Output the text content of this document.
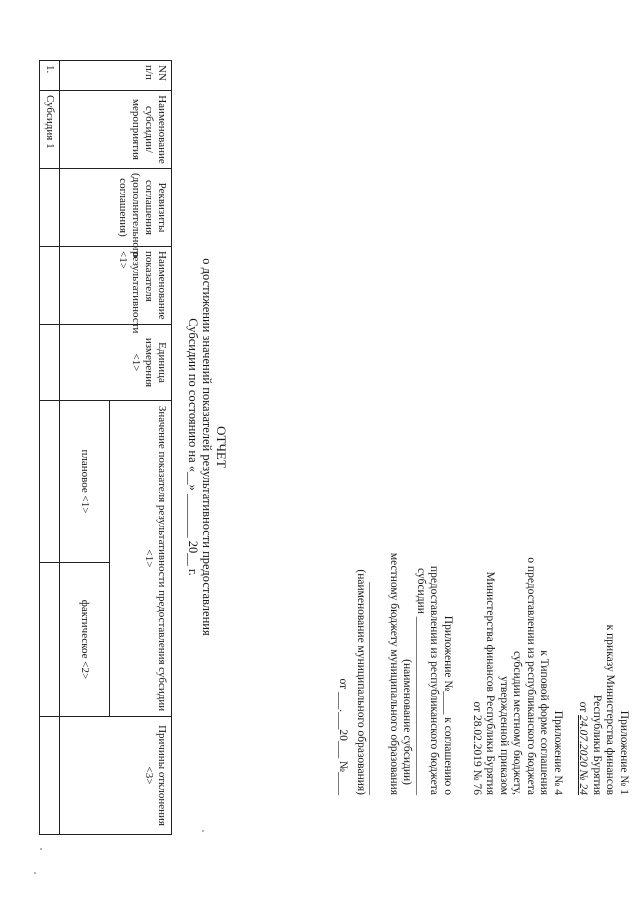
Приложение № 1
к приказу Министерства финансов
Республики Бурятия
от 24.07.2020 № 24
Приложение № 4
к Типовой форме соглашения
о предоставлении из республиканского бюджета
субсидии местному бюджету,
утвержденной приказом
Министерства финансов Республики Бурятия
от 28.02.2019 № 76
Приложение №____ к соглашению о
предоставлении из республиканского бюджета
субсидии _______________________________
(наименование субсидии)
местному бюджету муниципального образования
_____________________________________
(наименование муниципального образования)
от ___.___20___ №____
ОТЧЕТ
о достижении значений показателей результативности предоставления
Субсидии по состоянию на «__» _______ 20__ г.
NN п/п	Наименование субсидии/мероприятия	Реквизиты соглашения (дополнительного соглашения)	Наименование показателя результативности <1>	Единица измерения <1>	Значение показателя результативности предоставления субсидии <1>		Причины отклонения <3>
					плановое <1>	фактическое <2>	
1.	Субсидия 1						
